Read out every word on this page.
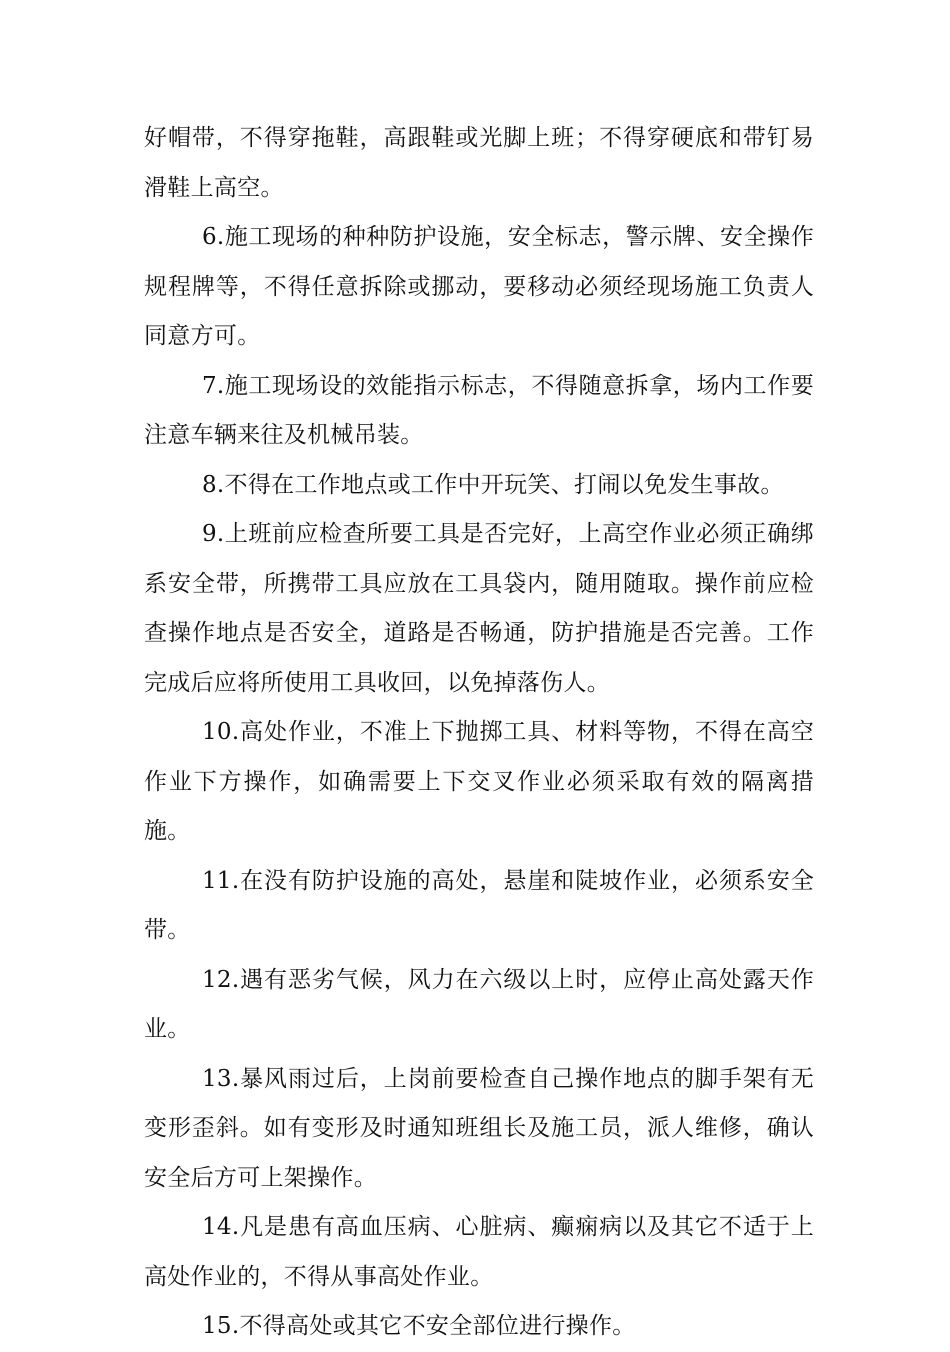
好帽带，不得穿拖鞋，高跟鞋或光脚上班；不得穿硬底和带钉易滑鞋上高空。

6.施工现场的种种防护设施，安全标志，警示牌、安全操作规程牌等，不得任意拆除或挪动，要移动必须经现场施工负责人同意方可。

7.施工现场设的效能指示标志，不得随意拆拿，场内工作要注意车辆来往及机械吊装。

8.不得在工作地点或工作中开玩笑、打闹以免发生事故。

9.上班前应检查所要工具是否完好，上高空作业必须正确绑系安全带，所携带工具应放在工具袋内，随用随取。操作前应检查操作地点是否安全，道路是否畅通，防护措施是否完善。工作完成后应将所使用工具收回，以免掉落伤人。

10.高处作业，不准上下抛掷工具、材料等物，不得在高空作业下方操作，如确需要上下交叉作业必须采取有效的隔离措施。

11.在没有防护设施的高处，悬崖和陡坡作业，必须系安全带。

12.遇有恶劣气候，风力在六级以上时，应停止高处露天作业。

13.暴风雨过后，上岗前要检查自己操作地点的脚手架有无变形歪斜。如有变形及时通知班组长及施工员，派人维修，确认安全后方可上架操作。

14.凡是患有高血压病、心脏病、癫痫病以及其它不适于上高处作业的，不得从事高处作业。

15.不得高处或其它不安全部位进行操作。
